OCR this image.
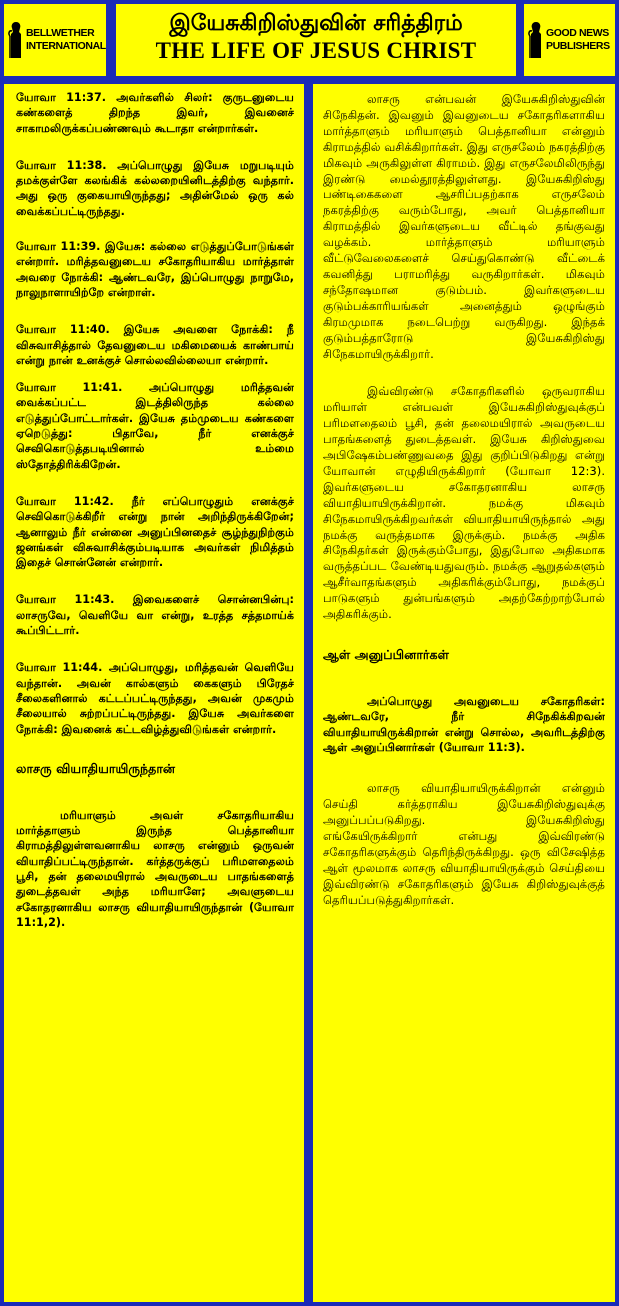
BELLWETHER
INTERNATIONAL
இயேசுகிறிஸ்துவின் சரித்திரம்
THE LIFE OF JESUS CHRIST
GOOD NEWS
PUBLISHERS

யோவா 11:37. அவர்களில் சிலர்: குருடனுடைய கண்களைத் திறந்த இவர், இவனைச் சாகாமலிருக்கப்பண்ணவும் கூடாதா என்றார்கள்.

யோவா 11:38. அப்பொழுது இயேசு மறுபடியும் தமக்குள்ளே கலங்கிக் கல்லறையினிடத்திற்கு வந்தார். அது ஒரு குகையாயிருந்தது; அதின்மேல் ஒரு கல் வைக்கப்பட்டிருந்தது.

யோவா 11:39. இயேசு: கல்லை எடுத்துப்போடுங்கள் என்றார். மரித்தவனுடைய சகோதரியாகிய மார்த்தாள் அவரை நோக்கி: ஆண்டவரே, இப்பொழுது நாறுமே, நாலுநாளாயிற்றே என்றாள்.

யோவா 11:40. இயேசு அவளை நோக்கி: நீ விசுவாசித்தால் தேவனுடைய மகிமையைக் காண்பாய் என்று நான் உனக்குச் சொல்லவில்லையா என்றார்.

யோவா 11:41. அப்பொழுது மரித்தவன் வைக்கப்பட்ட இடத்திலிருந்த கல்லை எடுத்துப்போட்டார்கள். இயேசு தம்முடைய கண்களை ஏறெடுத்து: பிதாவே, நீர் எனக்குச் செவிகொடுத்தபடியினால் உம்மை ஸ்தோத்திரிக்கிறேன்.

யோவா 11:42. நீர் எப்பொழுதும் எனக்குச் செவிகொடுக்கிறீர் என்று நான் அறிந்திருக்கிறேன்; ஆனாலும் நீர் என்னை அனுப்பினதைச் சூழ்ந்துநிற்கும் ஜனங்கள் விசுவாசிக்கும்படியாக அவர்கள் நிமித்தம் இதைச் சொன்னேன் என்றார்.

யோவா 11:43. இவைகளைச் சொன்னபின்பு: லாசருவே, வெளியே வா என்று, உரத்த சத்தமாய்க் கூப்பிட்டார்.

யோவா 11:44. அப்பொழுது, மரித்தவன் வெளியே வந்தான். அவன் கால்களும் கைகளும் பிரேதச் சீலைகளினால் கட்டப்பட்டிருந்தது, அவன் முகமும் சீலையால் சுற்றப்பட்டிருந்தது. இயேசு அவர்களை நோக்கி: இவனைக் கட்டவிழ்த்துவிடுங்கள் என்றார்.

லாசரு வியாதியாயிருந்தான்

மரியாளும் அவள் சகோதரியாகிய மார்த்தாளும் இருந்த பெத்தானியா கிராமத்திலுள்ளவனாகிய லாசரு என்னும் ஒருவன் வியாதிப்பட்டிருந்தான். கர்த்தருக்குப் பரிமளதைலம் பூசி, தன் தலைமயிரால் அவருடைய பாதங்களைத் துடைத்தவள் அந்த மரியாளே; அவளுடைய சகோதரனாகிய லாசரு வியாதியாயிருந்தான் (யோவா 11:1,2).

லாசரு என்பவன் இயேசுகிறிஸ்துவின் சிநேகிதன். இவனும் இவனுடைய சகோதரிகளாகிய மார்த்தாளும் மரியாளும் பெத்தானியா என்னும் கிராமத்தில் வசிக்கிறார்கள். இது எருசலேம் நகரத்திற்கு மிகவும் அருகிலுள்ள கிராமம். இது எருசலேமிலிருந்து இரண்டு மைல்தூரத்திலுள்ளது. இயேசுகிறிஸ்து பண்டிகைகளை ஆசரிப்பதற்காக எருசலேம் நகரத்திற்கு வரும்போது, அவர் பெத்தானியா கிராமத்தில் இவர்களுடைய வீட்டில் தங்குவது வழக்கம். மார்த்தாளும் மரியாளும் வீட்டுவேலைகளைச் செய்துகொண்டு வீட்டைக் கவனித்து பராமரித்து வருகிறார்கள். மிகவும் சந்தோஷமான குடும்பம். இவர்களுடைய குடும்பக்காரியங்கள் அனைத்தும் ஒழுங்கும் கிரமமுமாக நடைபெற்று வருகிறது. இந்தக் குடும்பத்தாரோடு இயேசுகிறிஸ்து சிநேகமாயிருக்கிறார்.

இவ்விரண்டு சகோதரிகளில் ஒருவராகிய மரியாள் என்பவள் இயேசுகிறிஸ்துவுக்குப் பரிமளதைலம் பூசி, தன் தலைமயிரால் அவருடைய பாதங்களைத் துடைத்தவள். இயேசு கிறிஸ்துவை அபிஷேகம்பண்ணுவதை இது குறிப்பிடுகிறது என்று யோவான் எழுதியிருக்கிறார் (யோவா 12:3). இவர்களுடைய சகோதரனாகிய லாசரு வியாதியாயிருக்கிறான். நமக்கு மிகவும் சிநேகமாயிருக்கிறவர்கள் வியாதியாயிருந்தால் அது நமக்கு வருத்தமாக இருக்கும். நமக்கு அதிக சிநேகிதர்கள் இருக்கும்போது, இதுபோல அதிகமாக வருத்தப்பட வேண்டியதுவரும். நமக்கு ஆறுதல்களும் ஆசீர்வாதங்களும் அதிகரிக்கும்போது, நமக்குப் பாடுகளும் துன்பங்களும் அதற்கேற்றாற்போல் அதிகரிக்கும்.

ஆள் அனுப்பினார்கள்

அப்பொழுது அவனுடைய சகோதரிகள்: ஆண்டவரே, நீர் சிநேகிக்கிறவன் வியாதியாயிருக்கிறான் என்று சொல்ல, அவரிடத்திற்கு ஆள் அனுப்பினார்கள் (யோவா 11:3).

லாசரு வியாதியாயிருக்கிறான் என்னும் செய்தி கர்த்தராகிய இயேசுகிறிஸ்துவுக்கு அனுப்பப்படுகிறது. இயேசுகிறிஸ்து எங்கேயிருக்கிறார் என்பது இவ்விரண்டு சகோதரிகளுக்கும் தெரிந்திருக்கிறது. ஒரு விசேஷித்த ஆள் மூலமாக லாசரு வியாதியாயிருக்கும் செய்தியை இவ்விரண்டு சகோதரிகளும் இயேசு கிறிஸ்துவுக்குத் தெரியப்படுத்துகிறார்கள்.
